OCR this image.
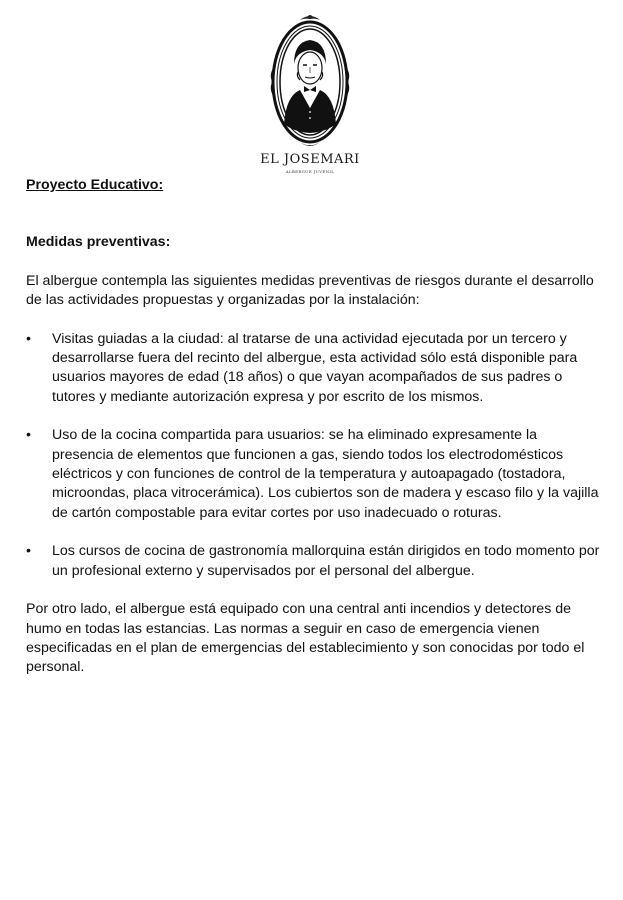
EL JOSEMARI
ALBERGUE JUVENIL

Proyecto Educativo:

Medidas preventivas:

El albergue contempla las siguientes medidas preventivas de riesgos durante el desarrollo de las actividades propuestas y organizadas por la instalación:

• Visitas guiadas a la ciudad: al tratarse de una actividad ejecutada por un tercero y desarrollarse fuera del recinto del albergue, esta actividad sólo está disponible para usuarios mayores de edad (18 años) o que vayan acompañados de sus padres o tutores y mediante autorización expresa y por escrito de los mismos.
• Uso de la cocina compartida para usuarios: se ha eliminado expresamente la presencia de elementos que funcionen a gas, siendo todos los electrodomésticos eléctricos y con funciones de control de la temperatura y autoapagado (tostadora, microondas, placa vitrocerámica). Los cubiertos son de madera y escaso filo y la vajilla de cartón compostable para evitar cortes por uso inadecuado o roturas.
• Los cursos de cocina de gastronomía mallorquina están dirigidos en todo momento por un profesional externo y supervisados por el personal del albergue.

Por otro lado, el albergue está equipado con una central anti incendios y detectores de humo en todas las estancias. Las normas a seguir en caso de emergencia vienen especificadas en el plan de emergencias del establecimiento y son conocidas por todo el personal.
